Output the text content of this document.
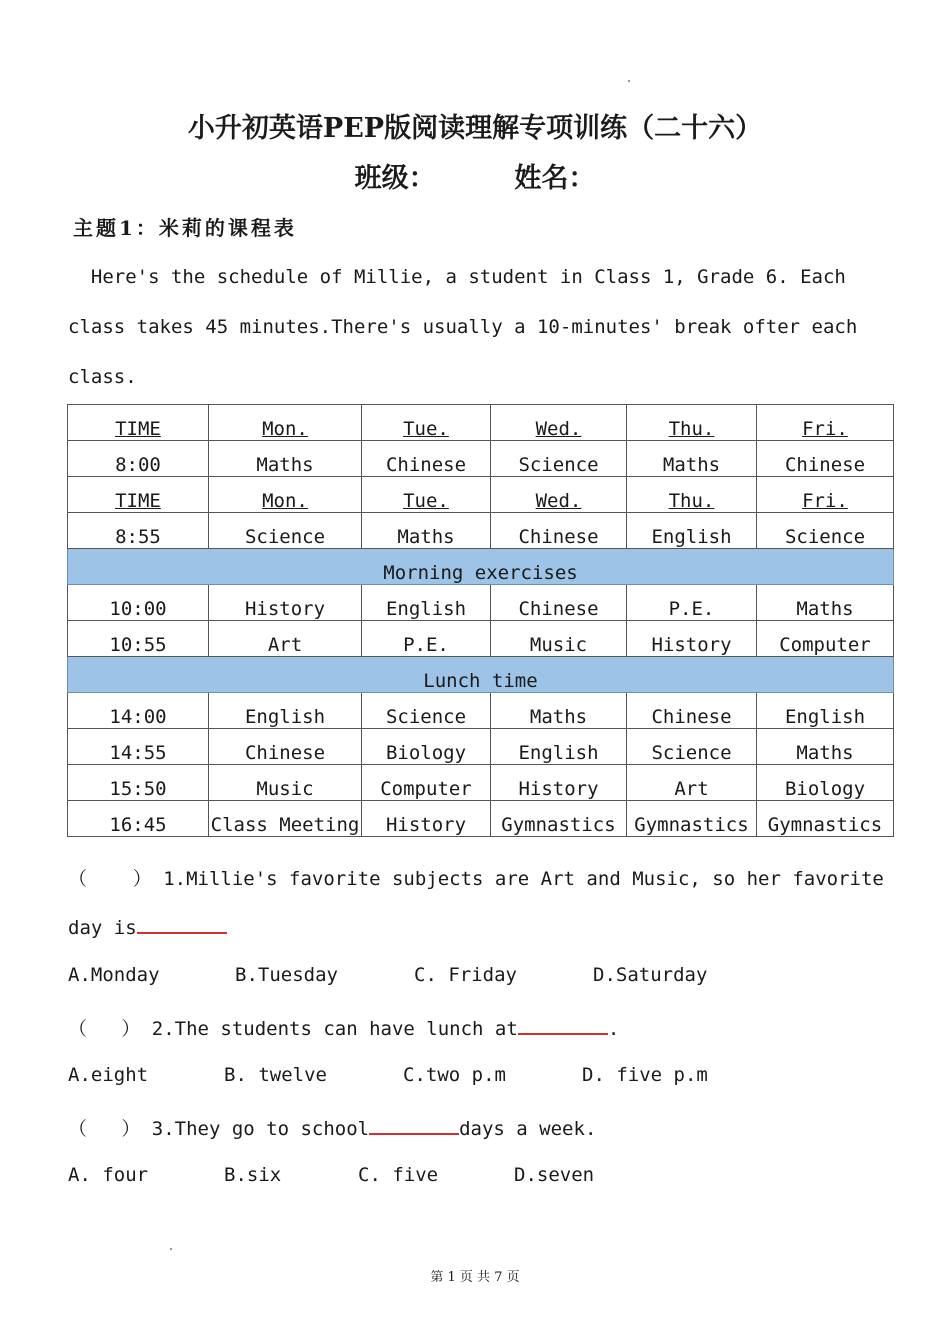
小升初英语PEP版阅读理解专项训练（二十六）
班级：	姓名：
主题1：米莉的课程表
Here's the schedule of Millie, a student in Class 1, Grade 6. Each
class takes 45 minutes.There's usually a 10-minutes' break ofter each
class.
TIME	Mon.	Tue.	Wed.	Thu.	Fri.
8:00	Maths	Chinese	Science	Maths	Chinese
TIME	Mon.	Tue.	Wed.	Thu.	Fri.
8:55	Science	Maths	Chinese	English	Science
Morning exercises					
10:00	History	English	Chinese	P.E.	Maths
10:55	Art	P.E.	Music	History	Computer
Lunch time					
14:00	English	Science	Maths	Chinese	English
14:55	Chinese	Biology	English	Science	Maths
15:50	Music	Computer	History	Art	Biology
16:45	Class Meeting	History	Gymnastics	Gymnastics	Gymnastics
（    ） 1.Millie's favorite subjects are Art and Music, so her favorite
day is
A.Monday	B.Tuesday	C. Friday	D.Saturday
（   ） 2.The students can have lunch at	.
A.eight	B. twelve	C.two p.m	D. five p.m
（   ） 3.They go to school	days a week.
A. four	B.six	C. five	D.seven
第 1 页 共 7 页
